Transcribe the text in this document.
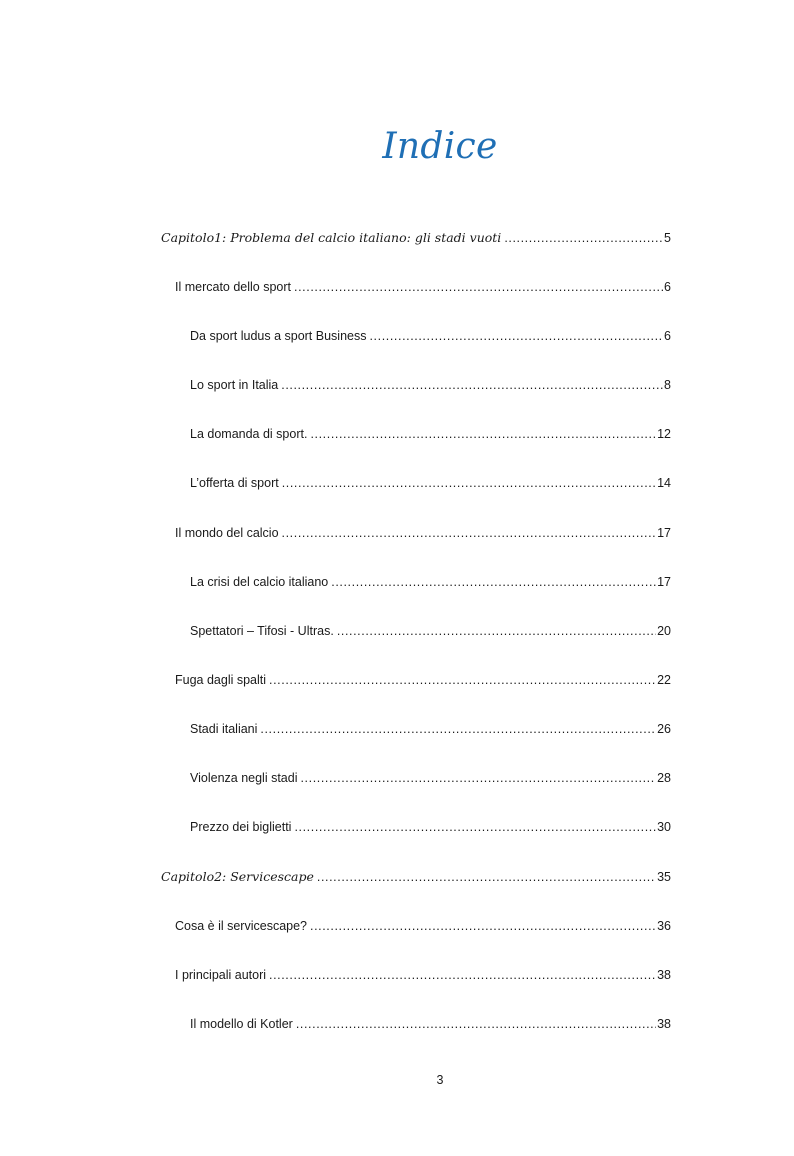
Indice
Capitolo1: Problema del calcio italiano: gli stadi vuoti .....	5
Il mercato dello sport .....	6
Da sport ludus a sport Business .....	6
Lo sport in Italia .....	8
La domanda di sport. .....	12
L’offerta di sport .....	14
Il mondo del calcio .....	17
La crisi del calcio italiano .....	17
Spettatori – Tifosi - Ultras. .....	20
Fuga dagli spalti .....	22
Stadi italiani .....	26
Violenza negli stadi .....	28
Prezzo dei biglietti .....	30
Capitolo2: Servicescape .....	35
Cosa è il servicescape? .....	36
I principali autori .....	38
Il modello di Kotler .....	38
3
